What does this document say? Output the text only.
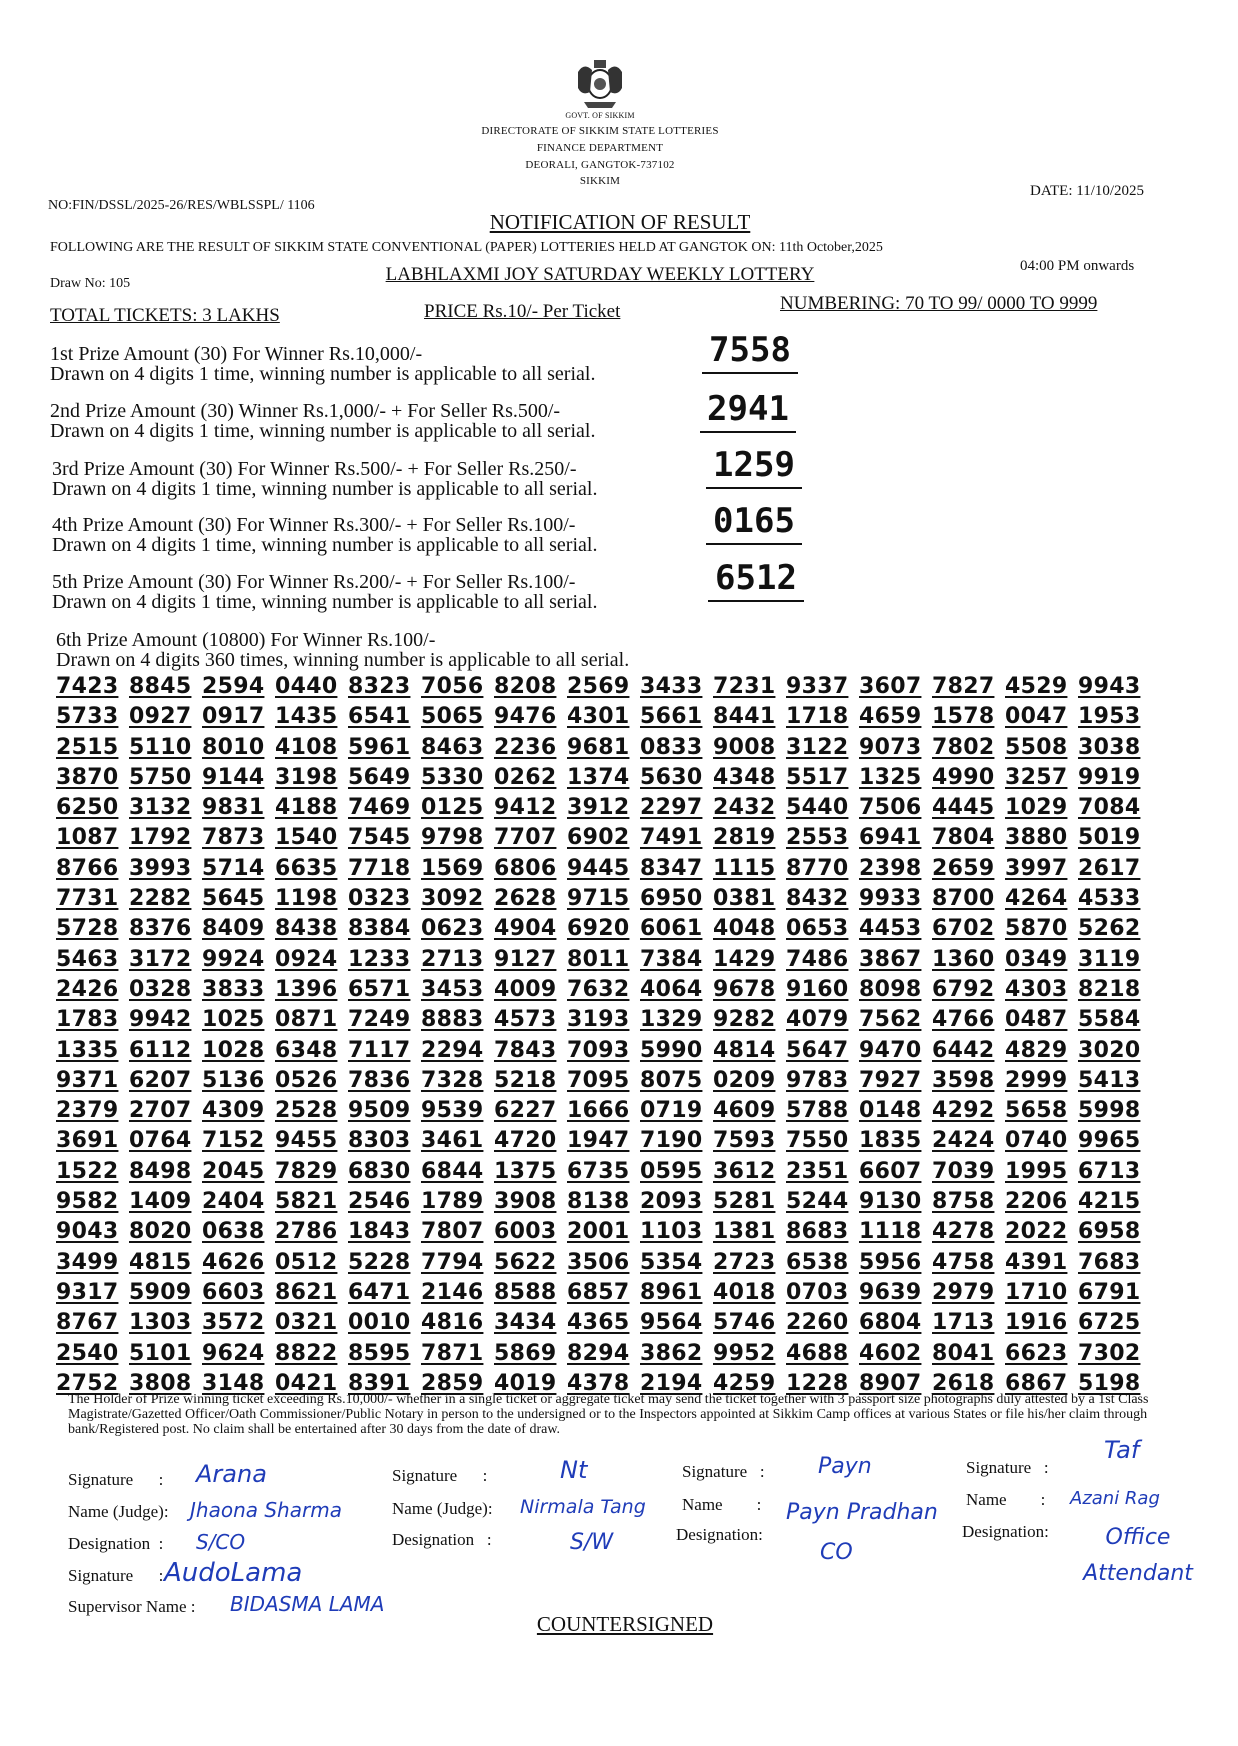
GOVT. OF SIKKIM
DIRECTORATE OF SIKKIM STATE LOTTERIES
FINANCE DEPARTMENT
DEORALI, GANGTOK-737102
SIKKIM
NO:FIN/DSSL/2025-26/RES/WBLSSPL/ 1106
DATE: 11/10/2025
NOTIFICATION OF RESULT
FOLLOWING ARE THE RESULT OF SIKKIM STATE CONVENTIONAL (PAPER) LOTTERIES HELD AT GANGTOK ON: 11th October,2025
Draw No: 105
04:00 PM onwards
LABHLAXMI JOY SATURDAY WEEKLY LOTTERY
TOTAL TICKETS: 3 LAKHS	PRICE Rs.10/- Per Ticket	NUMBERING: 70 TO 99/ 0000 TO 9999
1st Prize Amount (30) For Winner Rs.10,000/-
Drawn on 4 digits 1 time, winning number is applicable to all serial.
7558
2nd Prize Amount (30) Winner Rs.1,000/- + For Seller Rs.500/-
Drawn on 4 digits 1 time, winning number is applicable to all serial.
2941
3rd Prize Amount (30) For Winner Rs.500/- + For Seller Rs.250/-
Drawn on 4 digits 1 time, winning number is applicable to all serial.
1259
4th Prize Amount (30) For Winner Rs.300/- + For Seller Rs.100/-
Drawn on 4 digits 1 time, winning number is applicable to all serial.
0165
5th Prize Amount (30) For Winner Rs.200/- + For Seller Rs.100/-
Drawn on 4 digits 1 time, winning number is applicable to all serial.
6512
6th Prize Amount (10800) For Winner Rs.100/-
Drawn on 4 digits 360 times, winning number is applicable to all serial.
7423 8845 2594 0440 8323 7056 8208 2569 3433 7231 9337 3607 7827 4529 9943
5733 0927 0917 1435 6541 5065 9476 4301 5661 8441 1718 4659 1578 0047 1953
2515 5110 8010 4108 5961 8463 2236 9681 0833 9008 3122 9073 7802 5508 3038
3870 5750 9144 3198 5649 5330 0262 1374 5630 4348 5517 1325 4990 3257 9919
6250 3132 9831 4188 7469 0125 9412 3912 2297 2432 5440 7506 4445 1029 7084
1087 1792 7873 1540 7545 9798 7707 6902 7491 2819 2553 6941 7804 3880 5019
8766 3993 5714 6635 7718 1569 6806 9445 8347 1115 8770 2398 2659 3997 2617
7731 2282 5645 1198 0323 3092 2628 9715 6950 0381 8432 9933 8700 4264 4533
5728 8376 8409 8438 8384 0623 4904 6920 6061 4048 0653 4453 6702 5870 5262
5463 3172 9924 0924 1233 2713 9127 8011 7384 1429 7486 3867 1360 0349 3119
2426 0328 3833 1396 6571 3453 4009 7632 4064 9678 9160 8098 6792 4303 8218
1783 9942 1025 0871 7249 8883 4573 3193 1329 9282 4079 7562 4766 0487 5584
1335 6112 1028 6348 7117 2294 7843 7093 5990 4814 5647 9470 6442 4829 3020
9371 6207 5136 0526 7836 7328 5218 7095 8075 0209 9783 7927 3598 2999 5413
2379 2707 4309 2528 9509 9539 6227 1666 0719 4609 5788 0148 4292 5658 5998
3691 0764 7152 9455 8303 3461 4720 1947 7190 7593 7550 1835 2424 0740 9965
1522 8498 2045 7829 6830 6844 1375 6735 0595 3612 2351 6607 7039 1995 6713
9582 1409 2404 5821 2546 1789 3908 8138 2093 5281 5244 9130 8758 2206 4215
9043 8020 0638 2786 1843 7807 6003 2001 1103 1381 8683 1118 4278 2022 6958
3499 4815 4626 0512 5228 7794 5622 3506 5354 2723 6538 5956 4758 4391 7683
9317 5909 6603 8621 6471 2146 8588 6857 8961 4018 0703 9639 2979 1710 6791
8767 1303 3572 0321 0010 4816 3434 4365 9564 5746 2260 6804 1713 1916 6725
2540 5101 9624 8822 8595 7871 5869 8294 3862 9952 4688 4602 8041 6623 7302
2752 3808 3148 0421 8391 2859 4019 4378 2194 4259 1228 8907 2618 6867 5198
The Holder of Prize winning ticket exceeding Rs.10,000/- whether in a single ticket or aggregate ticket may send the ticket together with 3 passport size photographs duly attested by a 1st Class Magistrate/Gazetted Officer/Oath Commissioner/Public Notary in person to the undersigned or to the Inspectors appointed at Sikkim Camp offices at various States or file his/her claim through bank/Registered post. No claim shall be entertained after 30 days from the date of draw.
Signature      : Arana
Name (Judge): Jhaona Sharma
Designation  : S/CO
Signature      : AudoLama
Supervisor Name : BIDASMA LAMA
Signature      :	Nt
Name (Judge): Nirmala Tang
Designation   :	S/W
Signature   : Payn
Name        : Payn Pradhan
Designation:
CO
Signature   :
Taf
Name        : Azani Rag
Designation:	Office Attendant
COUNTERSIGNED
